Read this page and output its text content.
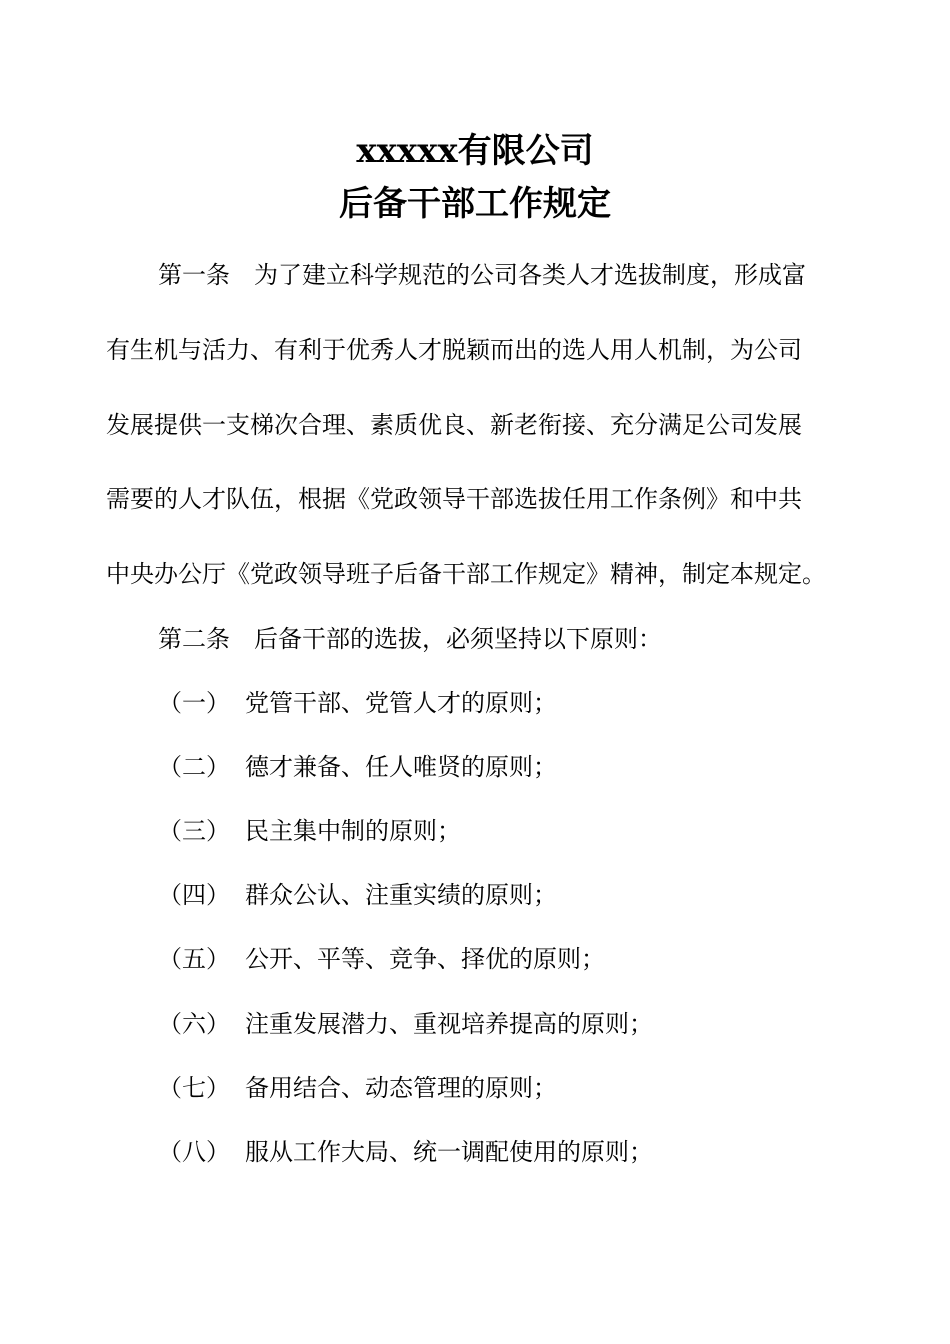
xxxxx有限公司
后备干部工作规定
第一条　为了建立科学规范的公司各类人才选拔制度，形成富
有生机与活力、有利于优秀人才脱颖而出的选人用人机制，为公司
发展提供一支梯次合理、素质优良、新老衔接、充分满足公司发展
需要的人才队伍，根据《党政领导干部选拔任用工作条例》和中共
中央办公厅《党政领导班子后备干部工作规定》精神，制定本规定。
第二条　后备干部的选拔，必须坚持以下原则：
（一） 党管干部、党管人才的原则；
（二） 德才兼备、任人唯贤的原则；
（三） 民主集中制的原则；
（四） 群众公认、注重实绩的原则；
（五） 公开、平等、竞争、择优的原则；
（六） 注重发展潜力、重视培养提高的原则；
（七） 备用结合、动态管理的原则；
（八） 服从工作大局、统一调配使用的原则；
